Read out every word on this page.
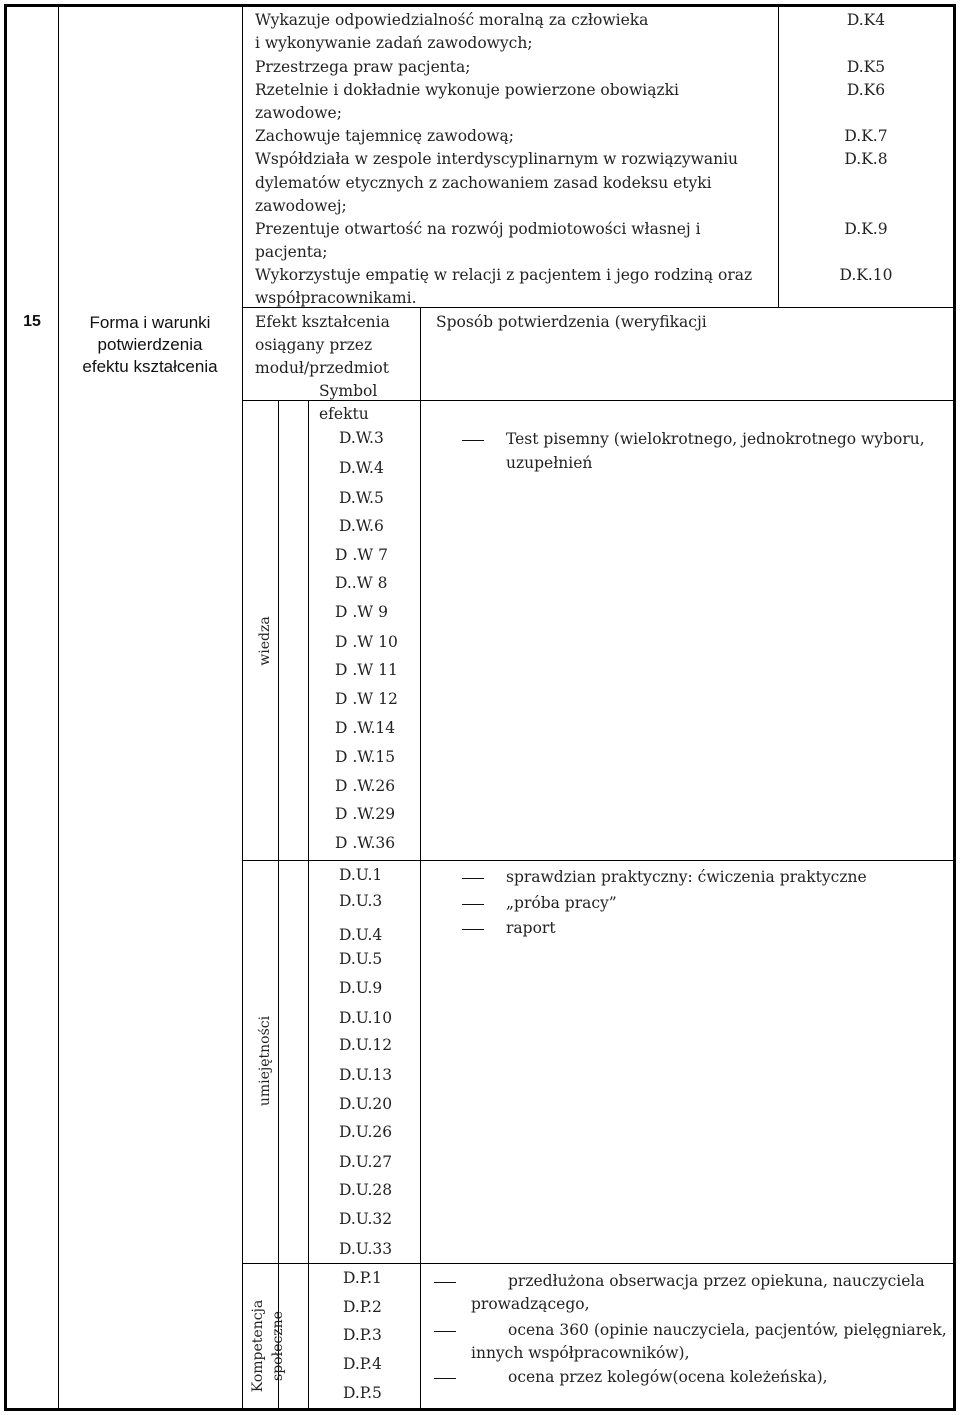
15	Forma i warunki
potwierdzenia
efektu kształcenia
Wykazuje odpowiedzialność moralną za człowieka
i wykonywanie zadań zawodowych;
Przestrzega praw pacjenta;
Rzetelnie i dokładnie wykonuje powierzone obowiązki
zawodowe;
Zachowuje tajemnicę zawodową;
Współdziała w zespole interdyscyplinarnym w rozwiązywaniu
dylematów etycznych z zachowaniem zasad kodeksu etyki
zawodowej;
Prezentuje otwartość na rozwój podmiotowości własnej i
pacjenta;
Wykorzystuje empatię w relacji z pacjentem i jego rodziną oraz
współpracownikami.
D.K4
D.K5
D.K6
D.K.7
D.K.8
D.K.9
D.K.10
Efekt kształcenia
osiągany przez
moduł/przedmiot
Sposób potwierdzenia (weryfikacji
Symbol
efektu
wiedza
umiejętności
Kompetencja społeczne
D.W.3
D.W.4
D.W.5
D.W.6
D .W 7
D..W 8
D .W 9
D .W 10
D .W 11
D .W 12
D .W.14
D .W.15
D .W.26
D .W.29
D .W.36
Test pisemny (wielokrotnego, jednokrotnego wyboru,
uzupełnień
D.U.1
D.U.3
D.U.4
D.U.5
D.U.9
D.U.10
D.U.12
D.U.13
D.U.20
D.U.26
D.U.27
D.U.28
D.U.32
D.U.33
sprawdzian praktyczny: ćwiczenia praktyczne
„próba pracy”
raport
D.P.1
D.P.2
D.P.3
D.P.4
D.P.5
przedłużona obserwacja przez opiekuna, nauczyciela
prowadzącego,
ocena 360 (opinie nauczyciela, pacjentów, pielęgniarek,
innych współpracowników),
ocena przez kolegów(ocena koleżeńska),
